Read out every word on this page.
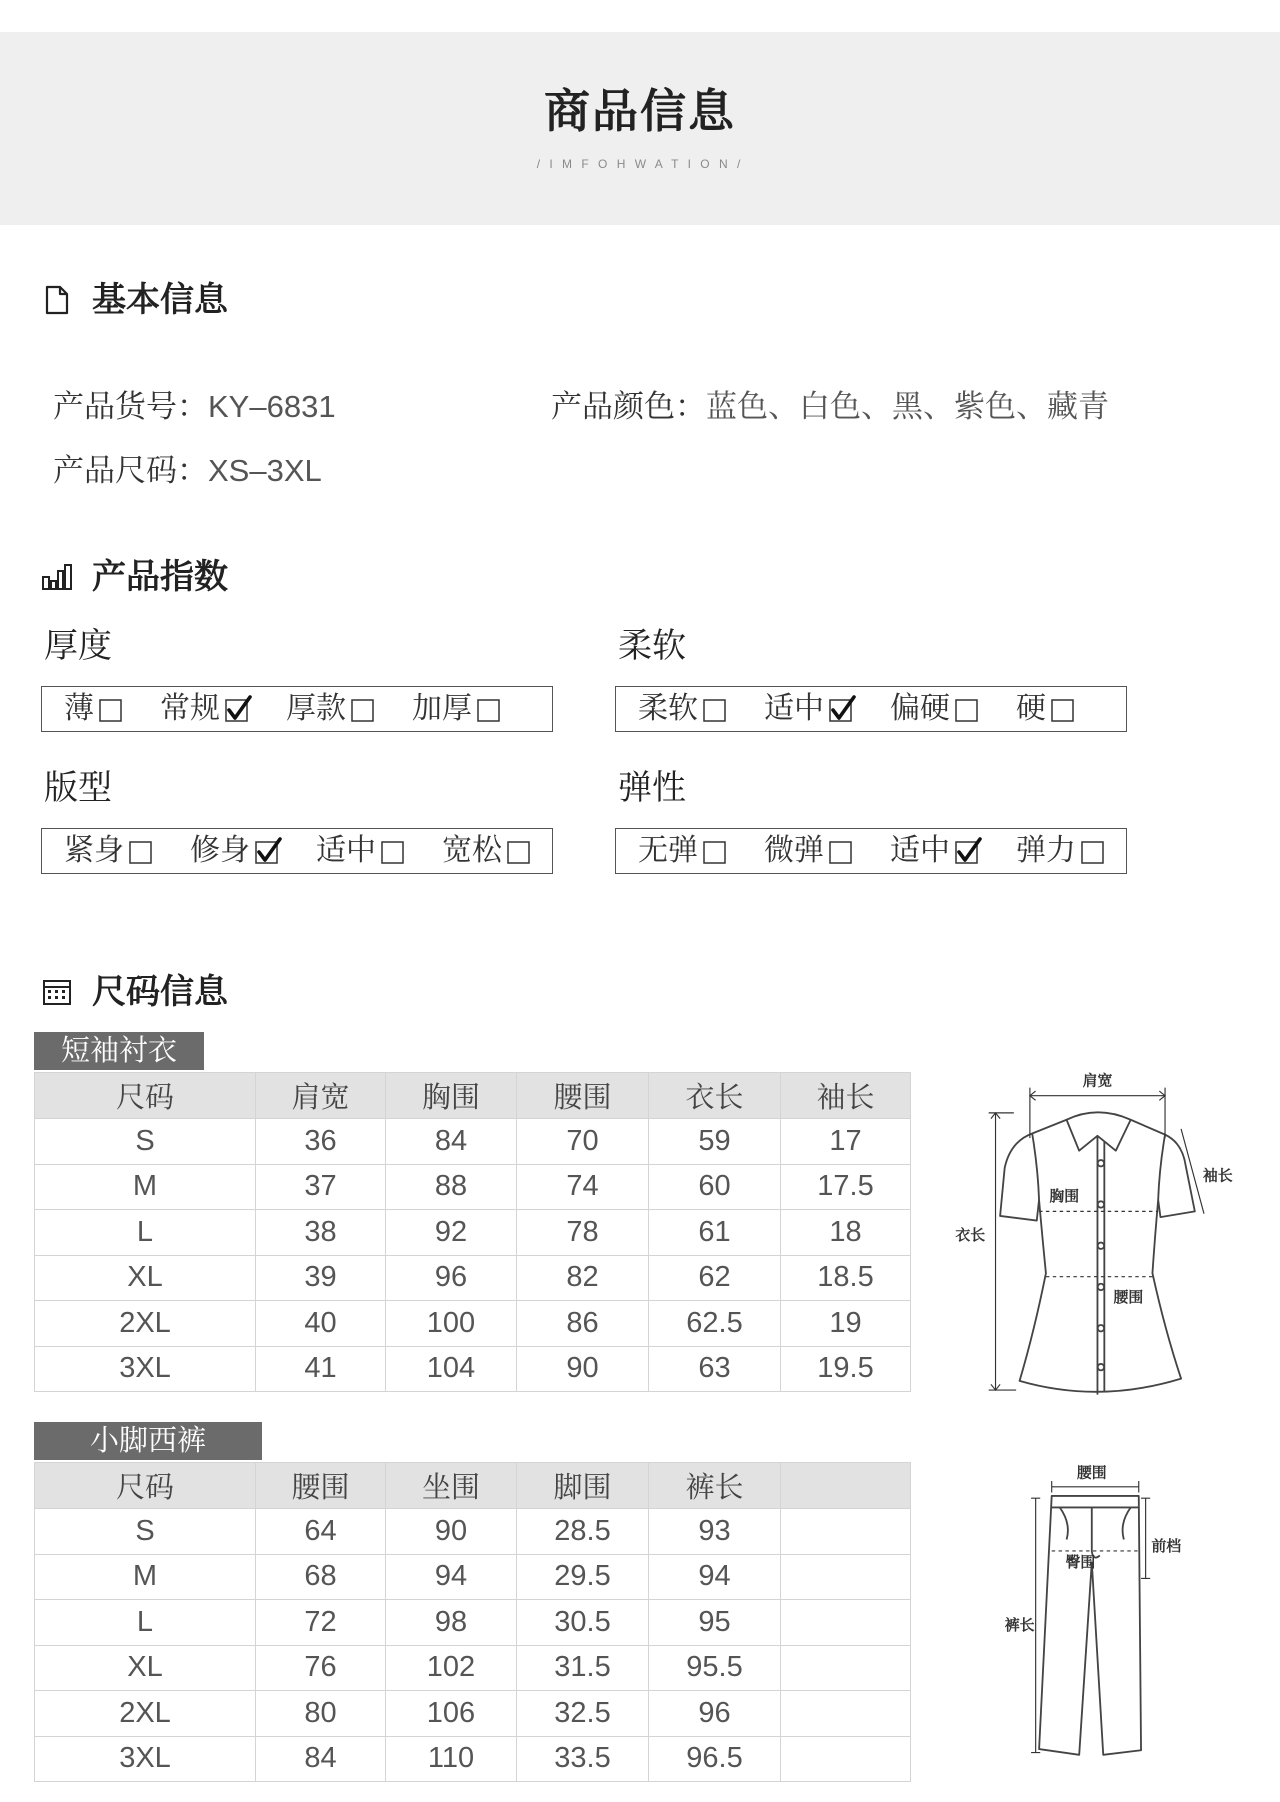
商品信息
/ I M F O H W A T I O N /
基本信息
产品货号：KY–6831	产品颜色：蓝色、白色、黑、紫色、藏青
产品尺码：XS–3XL
产品指数
厚度
薄 常规 厚款 加厚
柔软
柔软 适中 偏硬 硬
版型
紧身 修身 适中 宽松
弹性
无弹 微弹 适中 弹力
尺码信息
短袖衬衣
尺码	肩宽	胸围	腰围	衣长	袖长
S	36	84	70	59	17
M	37	88	74	60	17.5
L	38	92	78	61	18
XL	39	96	82	62	18.5
2XL	40	100	86	62.5	19
3XL	41	104	90	63	19.5
小脚西裤
尺码	腰围	坐围	脚围	裤长
S	64	90	28.5	93
M	68	94	29.5	94
L	72	98	30.5	95
XL	76	102	31.5	95.5
2XL	80	106	32.5	96
3XL	84	110	33.5	96.5
肩宽
袖长
胸围
衣长
腰围
腰围
前档
臀围
裤长
